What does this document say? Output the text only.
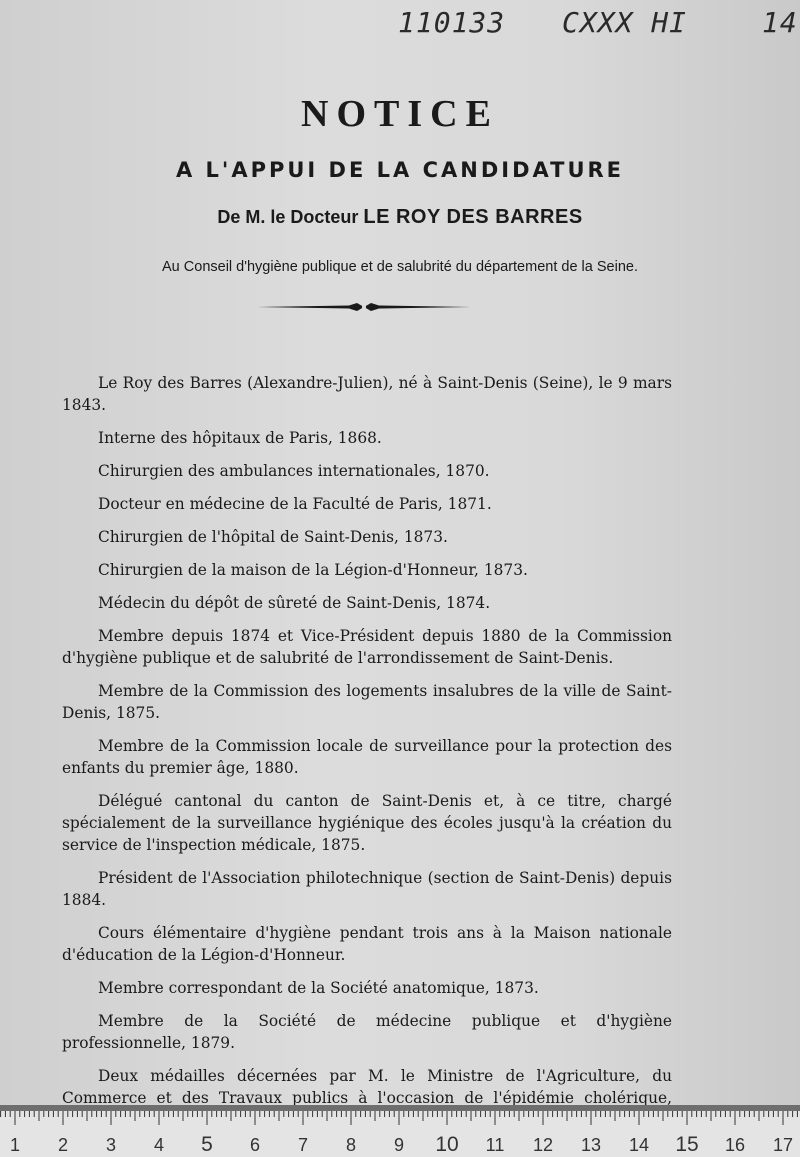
110133 CXXX HI	14
NOTICE
A L'APPUI DE LA CANDIDATURE
De M. le Docteur LE ROY DES BARRES
Au Conseil d'hygiène publique et de salubrité du département de la Seine.

Le Roy des Barres (Alexandre-Julien), né à Saint-Denis (Seine), le 9 mars 1843.

Interne des hôpitaux de Paris, 1868.

Chirurgien des ambulances internationales, 1870.

Docteur en médecine de la Faculté de Paris, 1871.

Chirurgien de l'hôpital de Saint-Denis, 1873.

Chirurgien de la maison de la Légion-d'Honneur, 1873.

Médecin du dépôt de sûreté de Saint-Denis, 1874.

Membre depuis 1874 et Vice-Président depuis 1880 de la Commission d'hygiène publique et de salubrité de l'arrondissement de Saint-Denis.

Membre de la Commission des logements insalubres de la ville de Saint-Denis, 1875.

Membre de la Commission locale de surveillance pour la protection des enfants du premier âge, 1880.

Délégué cantonal du canton de Saint-Denis et, à ce titre, chargé spécialement de la surveillance hygiénique des écoles jusqu'à la création du service de l'inspection médicale, 1875.

Président de l'Association philotechnique (section de Saint-Denis) depuis 1884.

Cours élémentaire d'hygiène pendant trois ans à la Maison nationale d'éducation de la Légion-d'Honneur.

Membre correspondant de la Société anatomique, 1873.

Membre de la Société de médecine publique et d'hygiène professionnelle, 1879.

Deux médailles décernées par M. le Ministre de l'Agriculture, du Commerce et des Travaux publics à l'occasion de l'épidémie cholérique,

1 2 3 4 5 6 7 8 9 10 11 12 13 14 15 16 17
